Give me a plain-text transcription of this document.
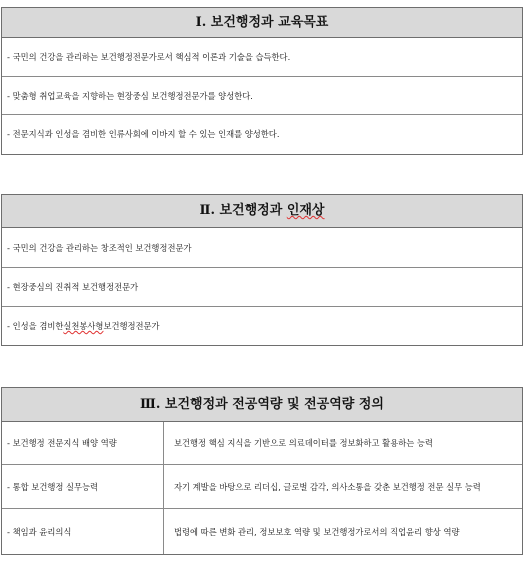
Ⅰ. 보건행정과 교육목표
- 국민의 건강을 관리하는 보건행정전문가로서 핵심적 이론과 기술을 습득한다.
- 맞춤형 취업교육을 지향하는 현장중심 보건행정전문가를 양성한다.
- 전문지식과 인성을 겸비한 인류사회에 이바지 할 수 있는 인재를 양성한다.
Ⅱ. 보건행정과 인재상
- 국민의 건강을 관리하는 창조적인 보건행정전문가
- 현장중심의 진취적 보건행정전문가
- 인성을 겸비한 실천봉사형 보건행정전문가
Ⅲ. 보건행정과 전공역량 및 전공역량 정의
- 보건행정 전문지식 배양 역량	보건행정 핵심 지식을 기반으로 의료데이터를 정보화하고 활용하는 능력
- 통합 보건행정 실무능력	자기 계발을 바탕으로 리더십, 글로벌 감각, 의사소통을 갖춘 보건행정 전문 실무 능력
- 책임과 윤리의식	법령에 따른 변화 관리, 정보보호 역량 및 보건행정가로서의 직업윤리 향상 역량
